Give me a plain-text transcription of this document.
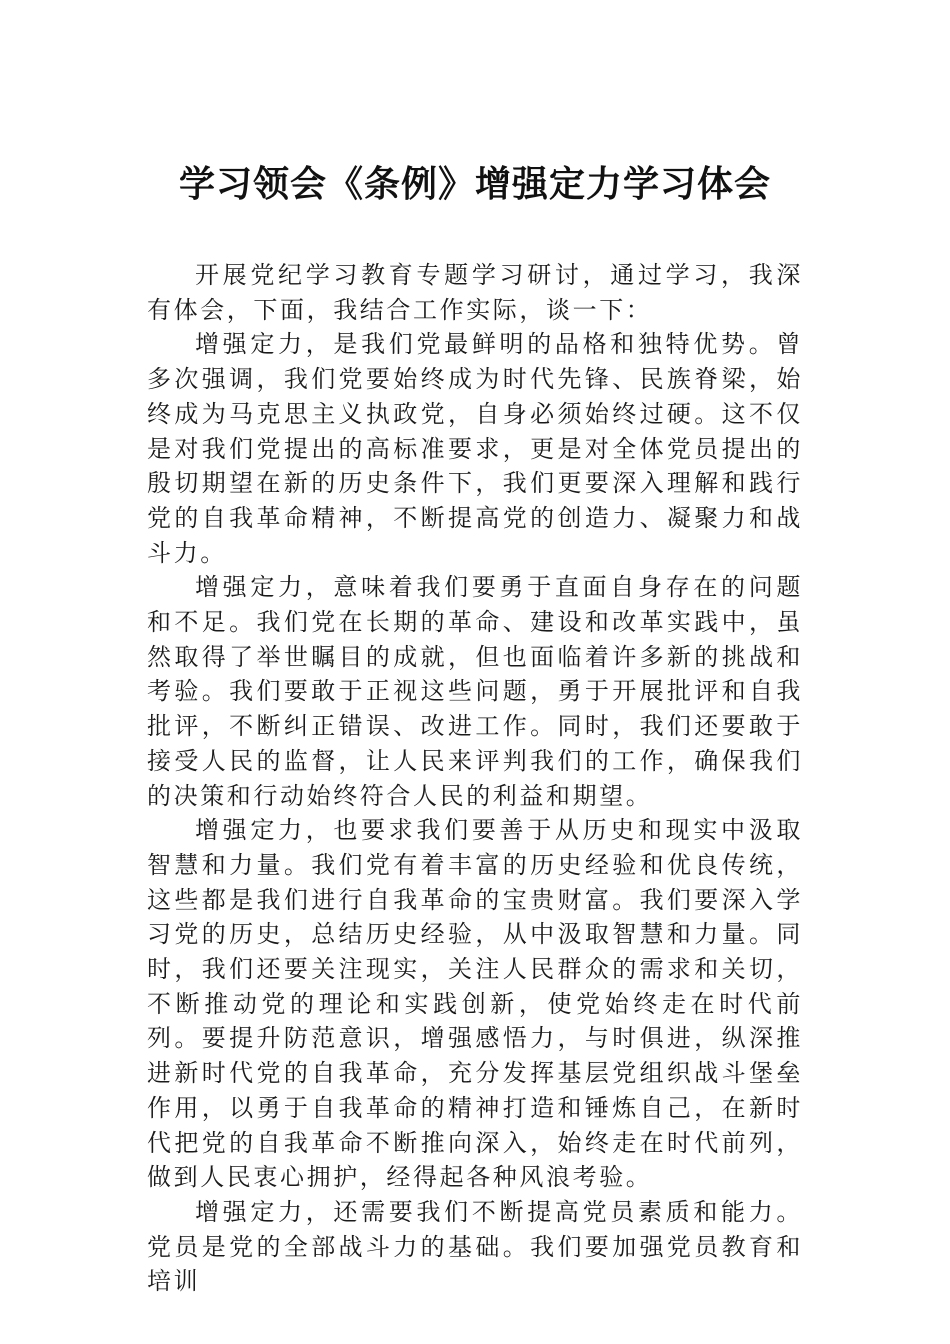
学习领会《条例》增强定力学习体会

开展党纪学习教育专题学习研讨，通过学习，我深有体会，下面，我结合工作实际，谈一下：

增强定力，是我们党最鲜明的品格和独特优势。曾多次强调，我们党要始终成为时代先锋、民族脊梁，始终成为马克思主义执政党，自身必须始终过硬。这不仅是对我们党提出的高标准要求，更是对全体党员提出的殷切期望在新的历史条件下，我们更要深入理解和践行党的自我革命精神，不断提高党的创造力、凝聚力和战斗力。

增强定力，意味着我们要勇于直面自身存在的问题和不足。我们党在长期的革命、建设和改革实践中，虽然取得了举世瞩目的成就，但也面临着许多新的挑战和考验。我们要敢于正视这些问题，勇于开展批评和自我批评，不断纠正错误、改进工作。同时，我们还要敢于接受人民的监督，让人民来评判我们的工作，确保我们的决策和行动始终符合人民的利益和期望。

增强定力，也要求我们要善于从历史和现实中汲取智慧和力量。我们党有着丰富的历史经验和优良传统，这些都是我们进行自我革命的宝贵财富。我们要深入学习党的历史，总结历史经验，从中汲取智慧和力量。同时，我们还要关注现实，关注人民群众的需求和关切，不断推动党的理论和实践创新，使党始终走在时代前列。要提升防范意识，增强感悟力，与时俱进，纵深推进新时代党的自我革命，充分发挥基层党组织战斗堡垒作用，以勇于自我革命的精神打造和锤炼自己，在新时代把党的自我革命不断推向深入，始终走在时代前列，做到人民衷心拥护，经得起各种风浪考验。

增强定力，还需要我们不断提高党员素质和能力。党员是党的全部战斗力的基础。我们要加强党员教育和培训
